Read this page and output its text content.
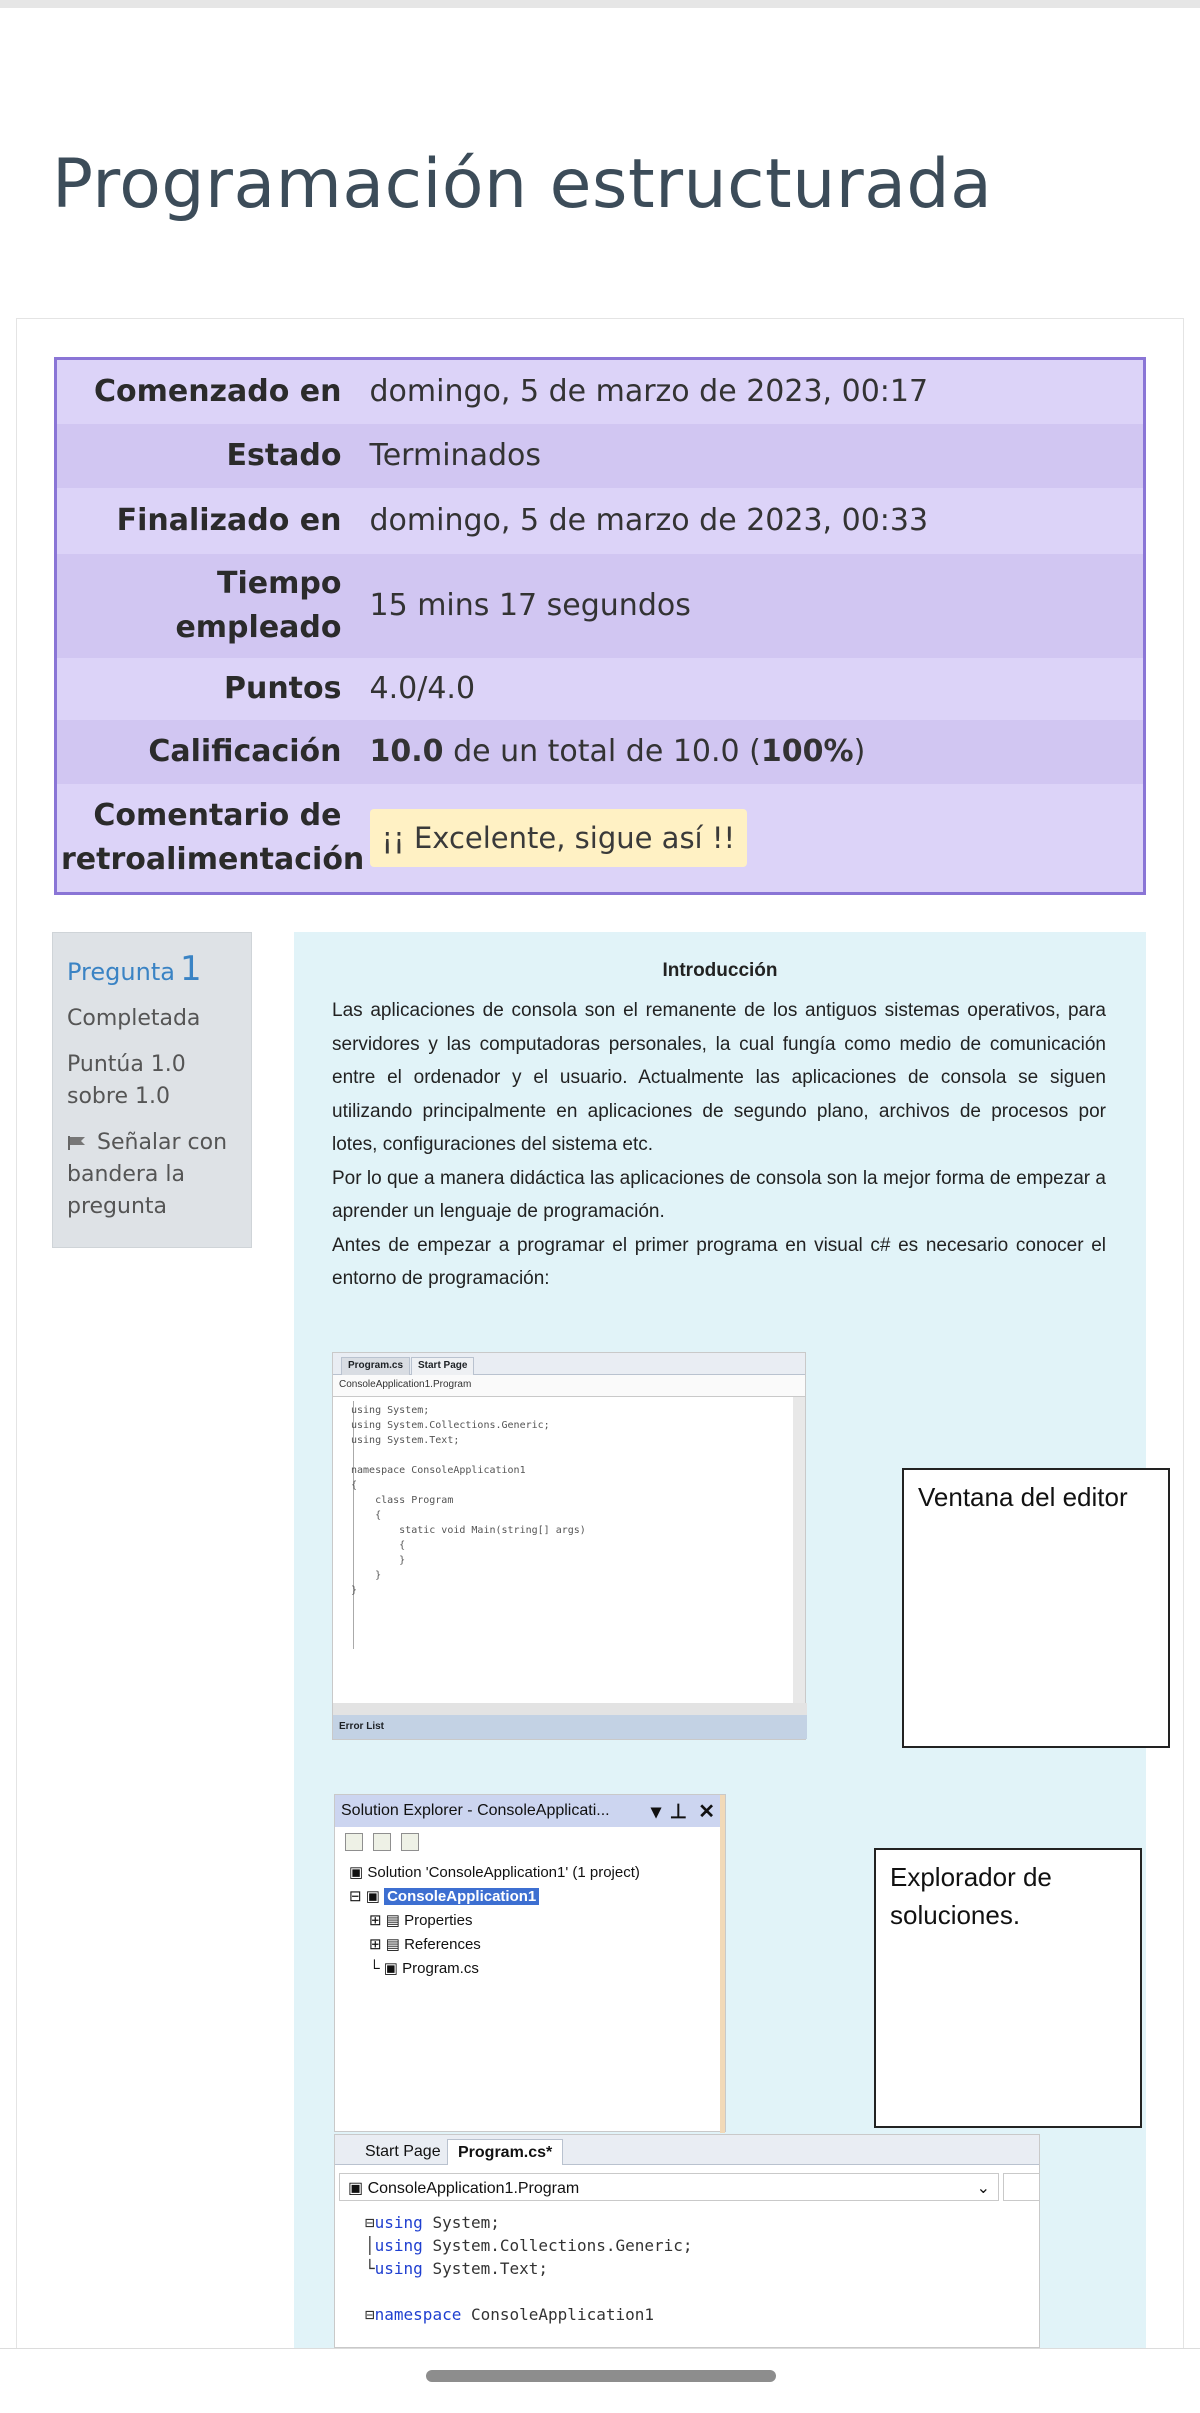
Programación estructurada
Comenzado en	domingo, 5 de marzo de 2023, 00:17
Estado	Terminados
Finalizado en	domingo, 5 de marzo de 2023, 00:33
Tiempo empleado	15 mins 17 segundos
Puntos	4.0/4.0
Calificación	10.0 de un total de 10.0 (100%)
Comentario de retroalimentación	¡¡ Excelente, sigue así !!
Pregunta 1
Completada
Puntúa 1.0 sobre 1.0
Señalar con bandera la pregunta
Introducción

Las aplicaciones de consola son el remanente de los antiguos sistemas operativos, para servidores y las computadoras personales, la cual fungía como medio de comunicación entre el ordenador y el usuario. Actualmente las aplicaciones de consola se siguen utilizando principalmente en aplicaciones de segundo plano, archivos de procesos por lotes, configuraciones del sistema etc.

Por lo que a manera didáctica las aplicaciones de consola son la mejor forma de empezar a aprender un lenguaje de programación.

Antes de empezar a programar el primer programa en visual c# es necesario conocer el entorno de programación:

Program.cs	Start Page
ConsoleApplication1.Program
using System;
using System.Collections.Generic;
using System.Text;

namespace ConsoleApplication1
{
class Program
{
static void Main(string[] args)
{
}
}
}
Error List
Ventana del editor
Solution Explorer - ConsoleApplicati... ▾ ⊥ ✕
▣ Solution 'ConsoleApplication1' (1 project)
⊟ ▣ ConsoleApplication1
⊞ ▤ Properties
⊞ ▤ References
└ ▣ Program.cs
Explorador de soluciones.
Start Page	Program.cs*
▣ ConsoleApplication1.Program	⌄
⊟using System;
│using System.Collections.Generic;
└using System.Text;

⊟namespace ConsoleApplication1
